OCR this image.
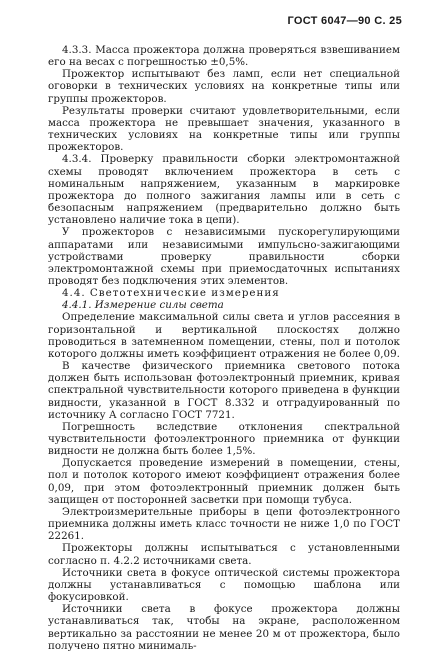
ГОСТ 6047—90 С. 25

4.3.3. Масса прожектора должна проверяться взвешиванием его на весах с погрешностью ±0,5%.

Прожектор испытывают без ламп, если нет специальной оговорки в технических условиях на конкретные типы или группы прожекторов.

Результаты проверки считают удовлетворительными, если масса прожектора не превышает значения, указанного в технических условиях на конкретные типы или группы прожекторов.

4.3.4. Проверку правильности сборки электромонтажной схемы проводят включением прожектора в сеть с номинальным напряжением, указанным в маркировке прожектора до полного зажигания лампы или в сеть с безопасным напряжением (предварительно должно быть установлено наличие тока в цепи).

У прожекторов с независимыми пускорегулирующими аппаратами или независимыми импульсно-зажигающими устройствами проверку правильности сборки электромонтажной схемы при приемосдаточных испытаниях проводят без подключения этих элементов.

4.4. Светотехнические измерения

4.4.1. Измерение силы света

Определение максимальной силы света и углов рассеяния в горизонтальной и вертикальной плоскостях должно проводиться в затемненном помещении, стены, пол и потолок которого должны иметь коэффициент отражения не более 0,09.

В качестве физического приемника светового потока должен быть использован фотоэлектронный приемник, кривая спектральной чувствительности которого приведена в функции видности, указанной в ГОСТ 8.332 и отградуированный по источнику А согласно ГОСТ 7721.

Погрешность вследствие отклонения спектральной чувствительности фотоэлектронного приемника от функции видности не должна быть более 1,5%.

Допускается проведение измерений в помещении, стены, пол и потолок которого имеют коэффициент отражения более 0,09, при этом фотоэлектронный приемник должен быть защищен от посторонней засветки при помощи тубуса.

Электроизмерительные приборы в цепи фотоэлектронного приемника должны иметь класс точности не ниже 1,0 по ГОСТ 22261.

Прожекторы должны испытываться с установленными согласно п. 4.2.2 источниками света.

Источники света в фокусе оптической системы прожектора должны устанавливаться с помощью шаблона или фокусировкой.

Источники света в фокусе прожектора должны устанавливаться так, чтобы на экране, расположенном вертикально за расстоянии не менее 20 м от прожектора, было получено пятно минималь-
